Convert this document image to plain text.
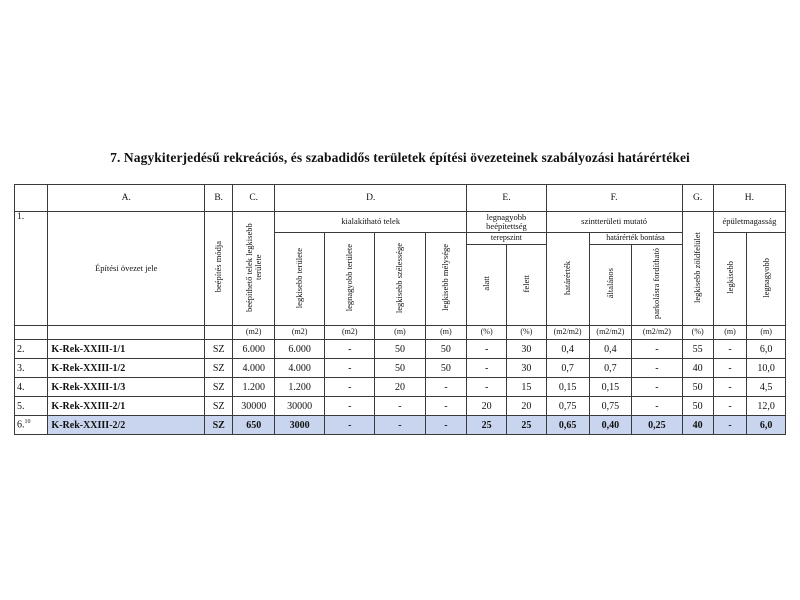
7. Nagykiterjedésű rekreációs, és szabadidős területek építési övezeteinek szabályozási határértékei
	A.	B.	C.	D.				E.		F.			G.	H.	
1.	Építési övezet jele	beépítés módja	beépíthető telek legkisebb területe	kialakítható telek				legnagyobb beépítettség		szintterületi mutató			legkisebb zöldfelület	épületmagasság	
				legkisebb területe	legnagyobb területe	legkisebb szélessége	legkisebb mélysége	terepszint		határérték	határérték bontása			legkisebb	legnagyobb
								alatt	felett		általános	parkolásra fordítható			
			(m2)	(m2)	(m2)	(m)	(m)	(%)	(%)	(m2/m2)	(m2/m2)	(m2/m2)	(%)	(m)	(m)
2.	K-Rek-XXIII-1/1	SZ	6.000	6.000	-	50	50	-	30	0,4	0,4	-	55	-	6,0
3.	K-Rek-XXIII-1/2	SZ	4.000	4.000	-	50	50	-	30	0,7	0,7	-	40	-	10,0
4.	K-Rek-XXIII-1/3	SZ	1.200	1.200	-	20	-	-	15	0,15	0,15	-	50	-	4,5
5.	K-Rek-XXIII-2/1	SZ	30000	30000	-	-	-	20	20	0,75	0,75	-	50	-	12,0
6.10	K-Rek-XXIII-2/2	SZ	650	3000	-	-	-	25	25	0,65	0,40	0,25	40	-	6,0
